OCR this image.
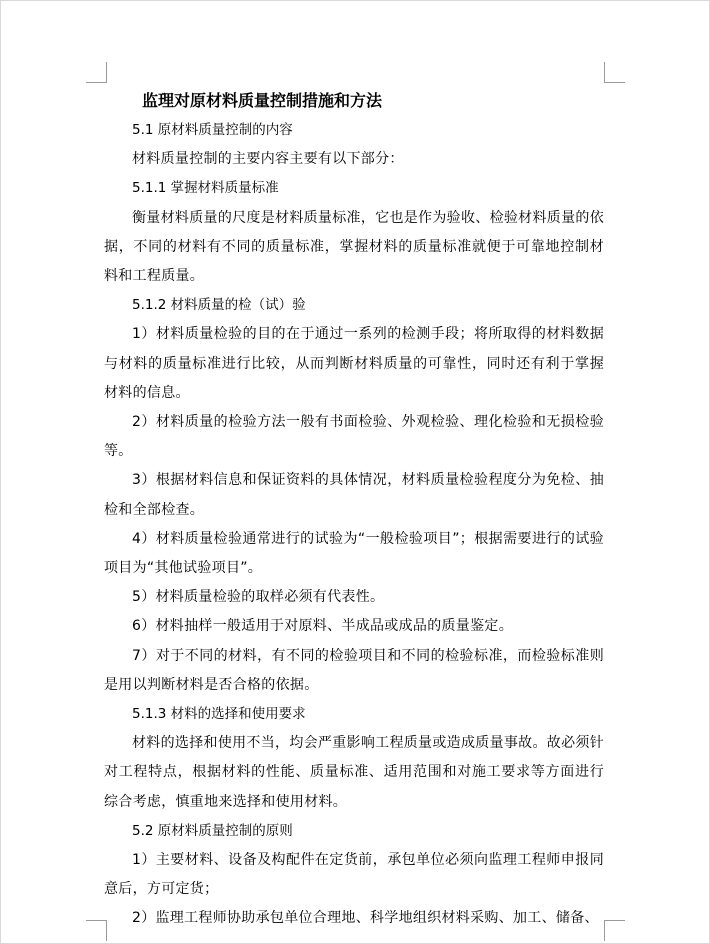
监理对原材料质量控制措施和方法

5.1 原材料质量控制的内容

材料质量控制的主要内容主要有以下部分：

5.1.1 掌握材料质量标准

衡量材料质量的尺度是材料质量标准，它也是作为验收、检验材料质量的依据，不同的材料有不同的质量标准，掌握材料的质量标准就便于可靠地控制材料和工程质量。

5.1.2 材料质量的检（试）验

1）材料质量检验的目的在于通过一系列的检测手段；将所取得的材料数据与材料的质量标准进行比较，从而判断材料质量的可靠性，同时还有利于掌握材料的信息。

2）材料质量的检验方法一般有书面检验、外观检验、理化检验和无损检验等。

3）根据材料信息和保证资料的具体情况，材料质量检验程度分为免检、抽检和全部检查。

4）材料质量检验通常进行的试验为“一般检验项目”；根据需要进行的试验项目为“其他试验项目”。

5）材料质量检验的取样必须有代表性。

6）材料抽样一般适用于对原料、半成品或成品的质量鉴定。

7）对于不同的材料，有不同的检验项目和不同的检验标准，而检验标准则是用以判断材料是否合格的依据。

5.1.3 材料的选择和使用要求

材料的选择和使用不当，均会严重影响工程质量或造成质量事故。故必须针对工程特点，根据材料的性能、质量标准、适用范围和对施工要求等方面进行综合考虑，慎重地来选择和使用材料。

5.2 原材料质量控制的原则

1）主要材料、设备及构配件在定货前，承包单位必须向监理工程师申报同意后，方可定货；

2）监理工程师协助承包单位合理地、科学地组织材料采购、加工、储备、
